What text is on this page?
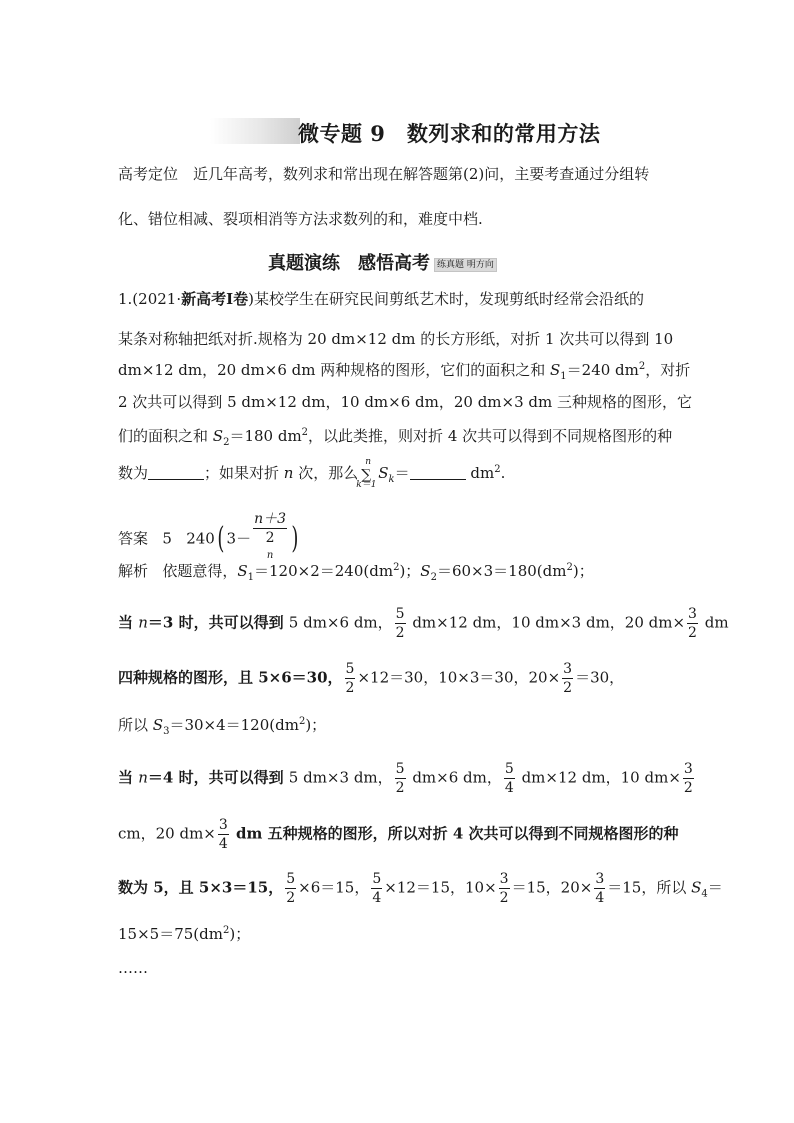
微专题 9　数列求和的常用方法
高考定位　近几年高考，数列求和常出现在解答题第(2)问，主要考查通过分组转
化、错位相减、裂项相消等方法求数列的和，难度中档.
真题演练　感悟高考 练真题 明方向
1.(2021·新高考Ⅰ卷)某校学生在研究民间剪纸艺术时，发现剪纸时经常会沿纸的
某条对称轴把纸对折.规格为 20 dm×12 dm 的长方形纸，对折 1 次共可以得到 10
dm×12 dm，20 dm×6 dm 两种规格的图形，它们的面积之和 $S_1=240$ $dm^2$，对折
2 次共可以得到 5 dm×12 dm，10 dm×6 dm，20 dm×3 dm 三种规格的图形，它
们的面积之和 $S_2=180$ $dm^2$，以此类推，则对折 4 次共可以得到不同规格图形的种
数为	；如果对折 n 次，那么
n
∑
k＝1
$S_k=$	$dm^2$.
答案 5 240( 3－ n＋3
2
$^n$ )
解析 依题意得，$S_1=120\times 2=240(dm^2)$；$S_2=60\times 3=180(dm^2)$；
当 n＝3 时，共可以得到 5 dm×6 dm， $\frac{5}{2} dm\times 12$ dm，10 dm×3 dm，20 $dm\times \frac{3}{2}$ dm
四种规格的图形，且 5×6＝30， $\frac{5}{2} \times 12=30$，10×3＝30，$20\times \frac{3}{2} =30$，
所以 $S_3=30\times 4=120(dm^2)$；
当 n＝4 时，共可以得到 5 dm×3 dm， $\frac{5}{2} dm\times 6$ dm， $\frac{5}{4} dm\times 12$ dm，10 $dm\times \frac{3}{2}$
cm，20 $dm\times \frac{3}{4}$ dm 五种规格的图形，所以对折 4 次共可以得到不同规格图形的种
数为 5，且 5×3＝15， $\frac{5}{2} \times 6=15$， $\frac{5}{4} \times 12=15$，$10\times \frac{3}{2} =15$，$20\times \frac{3}{4} =15$，所以 $S_4=$
$15\times 5=75(dm^2)$；
……
